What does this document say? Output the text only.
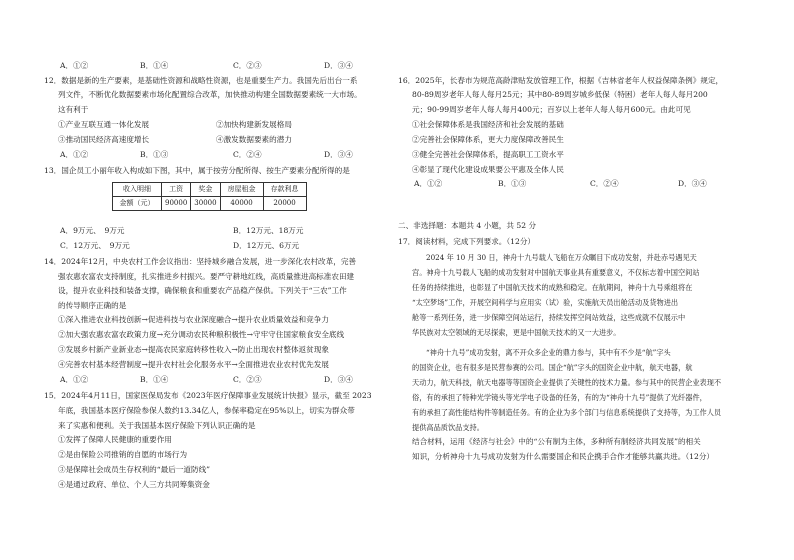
A．①②	B．①④	C．②③	D．③④
12．数据是新的生产要素，是基础性资源和战略性资源，也是重要生产力。我国先后出台一系
列文件，不断优化数据要素市场化配置综合改革，加快推动构建全国数据要素统一大市场。
这有利于
①产业互联互通一体化发展	②加快构建新发展格局
③推动国民经济高速度增长	④激发数据要素的潜力
A．①②	B．①③	C．②④	D．③④
13．国企员工小丽年收入构成如下图，其中，属于按劳分配所得、按生产要素分配所得的是
收入明细	工资	奖金	房屋租金	存款利息
金额（元）	90000	30000	40000	20000
A．9万元、　9万元	B．12万元、18万元
C．12万元、　9万元	D．12万元、6万元
14．2024年12月，中央农村工作会议指出：坚持城乡融合发展，进一步深化农村改革，完善
强农惠农富农支持制度，扎实推进乡村振兴。要严守耕地红线，高质量推进高标准农田建
设，提升农业科技和装备支撑，确保粮食和重要农产品稳产保供。下列关于“三农”工作
的传导顺序正确的是
①深入推进农业科技创新→促进科技与农业深度融合→提升农业质量效益和竞争力
②加大强农惠农富农政策力度→充分调动农民种粮积极性→守牢守住国家粮食安全底线
③发展乡村新产业新业态→提高农民家庭转移性收入→防止出现农村整体返贫现象
④完善农村基本经营制度→提升农村社会化服务水平→全面推进农业农村优先发展
A．①②	B．①④	C．②③	D．③④
15．2024年4月11日，国家医保局发布《2023年医疗保障事业发展统计快报》显示，截至 2023
年底，我国基本医疗保险参保人数约13.34亿人，参保率稳定在95%以上，切实为群众带
来了实惠和便利。关于我国基本医疗保险下列认识正确的是
①发挥了保障人民健康的重要作用
②是由保险公司推销的自愿的市场行为
③是保障社会成员生存权利的“最后一道防线”
④是通过政府、单位、个人三方共同筹集资金
16．2025年，长春市为规范高龄津贴发放管理工作，根据《吉林省老年人权益保障条例》规定，
80-89周岁老年人每人每月25元；其中80-89周岁城乡低保（特困）老年人每人每月200
元；90-99周岁老年人每人每月400元；百岁以上老年人每人每月600元。由此可见
①社会保障体系是我国经济和社会发展的基础
②完善社会保障体系，更大力度保障改善民生
③健全完善社会保障体系，提高职工工资水平
④彰显了现代化建设成果要公平惠及全体人民
A．①②	B．①③	C．②④	D．③④
二、非选择题：本题共 4 小题，共 52 分
17．阅读材料，完成下列要求。（12分）
2024 年 10 月 30 日，神舟十九号载人飞船在万众瞩目下成功发射，并赴赤号遇见天
宫。神舟十九号载人飞船的成功发射对中国航天事业具有重要意义，不仅标志着中国空间站
任务的持续推进，也彰显了中国航天技术的成熟和稳定。在航期间，神舟十九号乘组将在
“太空梦场”工作，开展空间科学与应用实（试）验，实施航天员出舱活动及货物进出
舱等一系列任务，进一步保障空间站运行，持续发挥空间站效益，这些成就不仅展示中
华民族对太空领域的无尽探索，更是中国航天技术的又一大进步。
“神舟十九号”成功发射，离不开众多企业的鼎力参与，其中有不少是“航”字头
的国资企业，也有很多是民营参赛的公司。国企“航”字头的国资企业中航，航天电器，航
天动力，航天科技，航天电器等等国资企业提供了关键性的技术力量。参与其中的民营企业表现不
俗，有的承担了特种光学镜头等光学电子设备的任务，有的为“神舟十九号”提供了光纤器件，
有的承担了高性能结构件等制造任务。有的企业为多个部门与信息系统提供了支持等，为工作人员
提供高品质饮品支持。
结合材料，运用《经济与社会》中的“公有制为主体，多种所有制经济共同发展”的相关
知识，分析神舟十九号成功发射为什么需要国企和民企携手合作才能够共赢共进。（12分）
